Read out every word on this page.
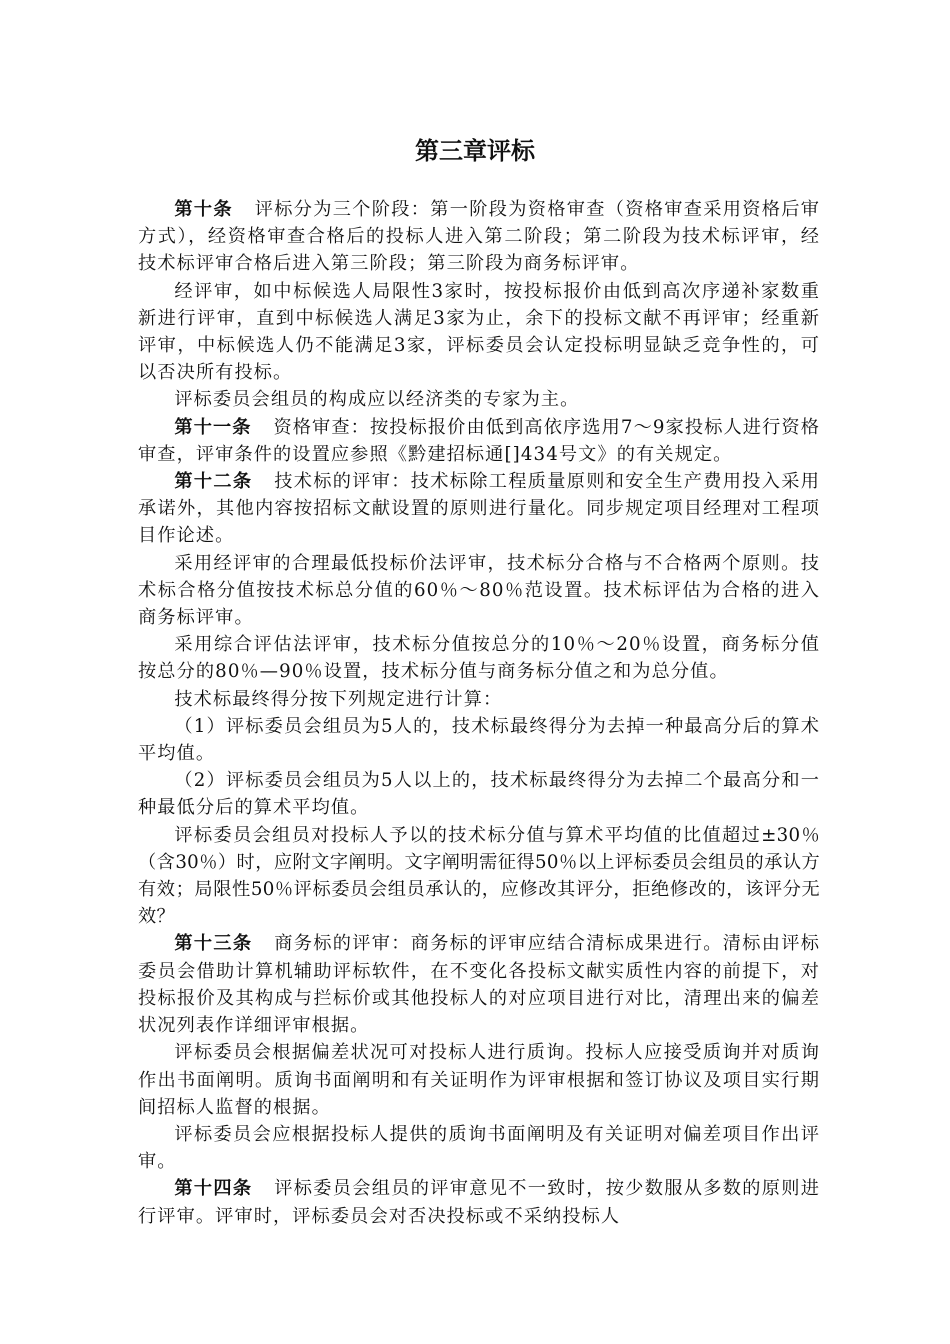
第三章评标

第十条 评标分为三个阶段：第一阶段为资格审查（资格审查采用资格后审方式），经资格审查合格后的投标人进入第二阶段；第二阶段为技术标评审，经技术标评审合格后进入第三阶段；第三阶段为商务标评审。

经评审，如中标候选人局限性3家时，按投标报价由低到高次序递补家数重新进行评审，直到中标候选人满足3家为止，余下的投标文献不再评审；经重新评审，中标候选人仍不能满足3家，评标委员会认定投标明显缺乏竞争性的，可以否决所有投标。

评标委员会组员的构成应以经济类的专家为主。

第十一条 资格审查：按投标报价由低到高依序选用7～9家投标人进行资格审查，评审条件的设置应参照《黔建招标通[]434号文》的有关规定。

第十二条 技术标的评审：技术标除工程质量原则和安全生产费用投入采用承诺外，其他内容按招标文献设置的原则进行量化。同步规定项目经理对工程项目作论述。

采用经评审的合理最低投标价法评审，技术标分合格与不合格两个原则。技术标合格分值按技术标总分值的60％～80％范设置。技术标评估为合格的进入商务标评审。

采用综合评估法评审，技术标分值按总分的10％～20％设置，商务标分值按总分的80％—90％设置，技术标分值与商务标分值之和为总分值。

技术标最终得分按下列规定进行计算：

（1）评标委员会组员为5人的，技术标最终得分为去掉一种最高分后的算术平均值。

（2）评标委员会组员为5人以上的，技术标最终得分为去掉二个最高分和一种最低分后的算术平均值。

评标委员会组员对投标人予以的技术标分值与算术平均值的比值超过±30％（含30％）时，应附文字阐明。文字阐明需征得50％以上评标委员会组员的承认方有效；局限性50％评标委员会组员承认的，应修改其评分，拒绝修改的，该评分无效？

第十三条 商务标的评审：商务标的评审应结合清标成果进行。清标由评标委员会借助计算机辅助评标软件，在不变化各投标文献实质性内容的前提下，对投标报价及其构成与拦标价或其他投标人的对应项目进行对比，清理出来的偏差状况列表作详细评审根据。

评标委员会根据偏差状况可对投标人进行质询。投标人应接受质询并对质询作出书面阐明。质询书面阐明和有关证明作为评审根据和签订协议及项目实行期间招标人监督的根据。

评标委员会应根据投标人提供的质询书面阐明及有关证明对偏差项目作出评审。

第十四条 评标委员会组员的评审意见不一致时，按少数服从多数的原则进行评审。评审时，评标委员会对否决投标或不采纳投标人
